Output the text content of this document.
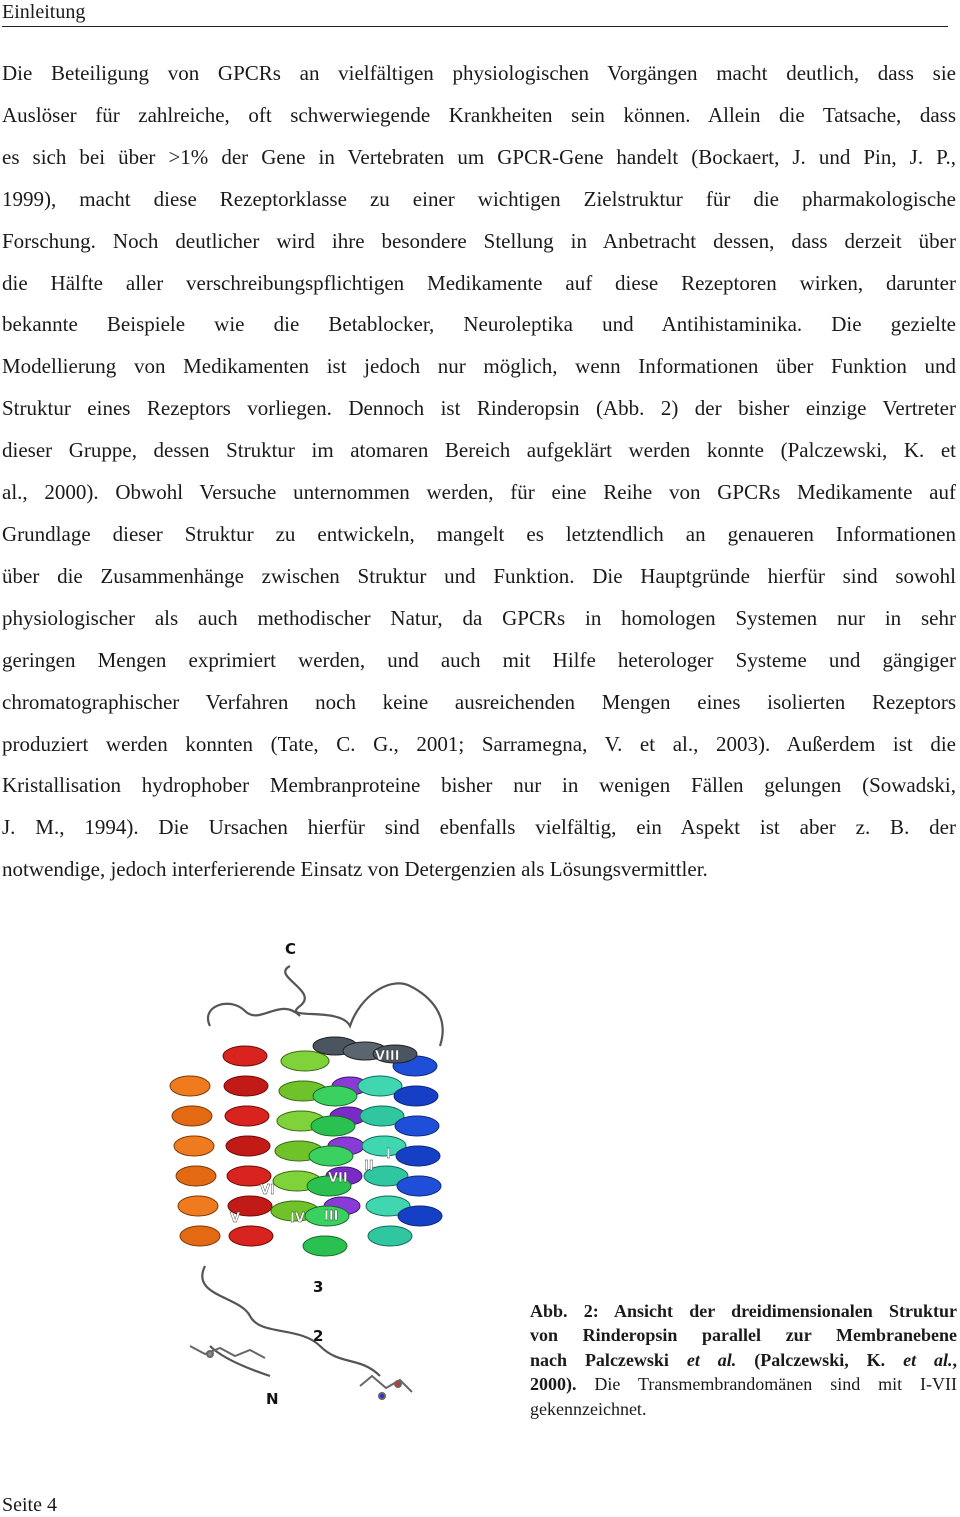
Einleitung
Die Beteiligung von GPCRs an vielfältigen physiologischen Vorgängen macht deutlich, dass sie
Auslöser für zahlreiche, oft schwerwiegende Krankheiten sein können. Allein die Tatsache, dass
es sich bei über >1% der Gene in Vertebraten um GPCR-Gene handelt (Bockaert, J. und Pin, J. P.,
1999), macht diese Rezeptorklasse zu einer wichtigen Zielstruktur für die pharmakologische
Forschung. Noch deutlicher wird ihre besondere Stellung in Anbetracht dessen, dass derzeit über
die Hälfte aller verschreibungspflichtigen Medikamente auf diese Rezeptoren wirken, darunter
bekannte Beispiele wie die Betablocker, Neuroleptika und Antihistaminika. Die gezielte
Modellierung von Medikamenten ist jedoch nur möglich, wenn Informationen über Funktion und
Struktur eines Rezeptors vorliegen. Dennoch ist Rinderopsin (Abb. 2) der bisher einzige Vertreter
dieser Gruppe, dessen Struktur im atomaren Bereich aufgeklärt werden konnte (Palczewski, K. et
al., 2000). Obwohl Versuche unternommen werden, für eine Reihe von GPCRs Medikamente auf
Grundlage dieser Struktur zu entwickeln, mangelt es letztendlich an genaueren Informationen
über die Zusammenhänge zwischen Struktur und Funktion. Die Hauptgründe hierfür sind sowohl
physiologischer als auch methodischer Natur, da GPCRs in homologen Systemen nur in sehr
geringen Mengen exprimiert werden, und auch mit Hilfe heterologer Systeme und gängiger
chromatographischer Verfahren noch keine ausreichenden Mengen eines isolierten Rezeptors
produziert werden konnten (Tate, C. G., 2001; Sarramegna, V. et al., 2003). Außerdem ist die
Kristallisation hydrophober Membranproteine bisher nur in wenigen Fällen gelungen (Sowadski,
J. M., 1994). Die Ursachen hierfür sind ebenfalls vielfältig, ein Aspekt ist aber z. B. der
notwendige, jedoch interferierende Einsatz von Detergenzien als Lösungsvermittler.
C
N
1
2
3
4
VIII
I
II
VII
VI
III
IV
V
Abb. 2: Ansicht der dreidimensionalen Struktur
von Rinderopsin parallel zur Membranebene
nach Palczewski et al. (Palczewski, K. et al.,
2000). Die Transmembrandomänen sind mit I-VII
gekennzeichnet.
Seite 4
